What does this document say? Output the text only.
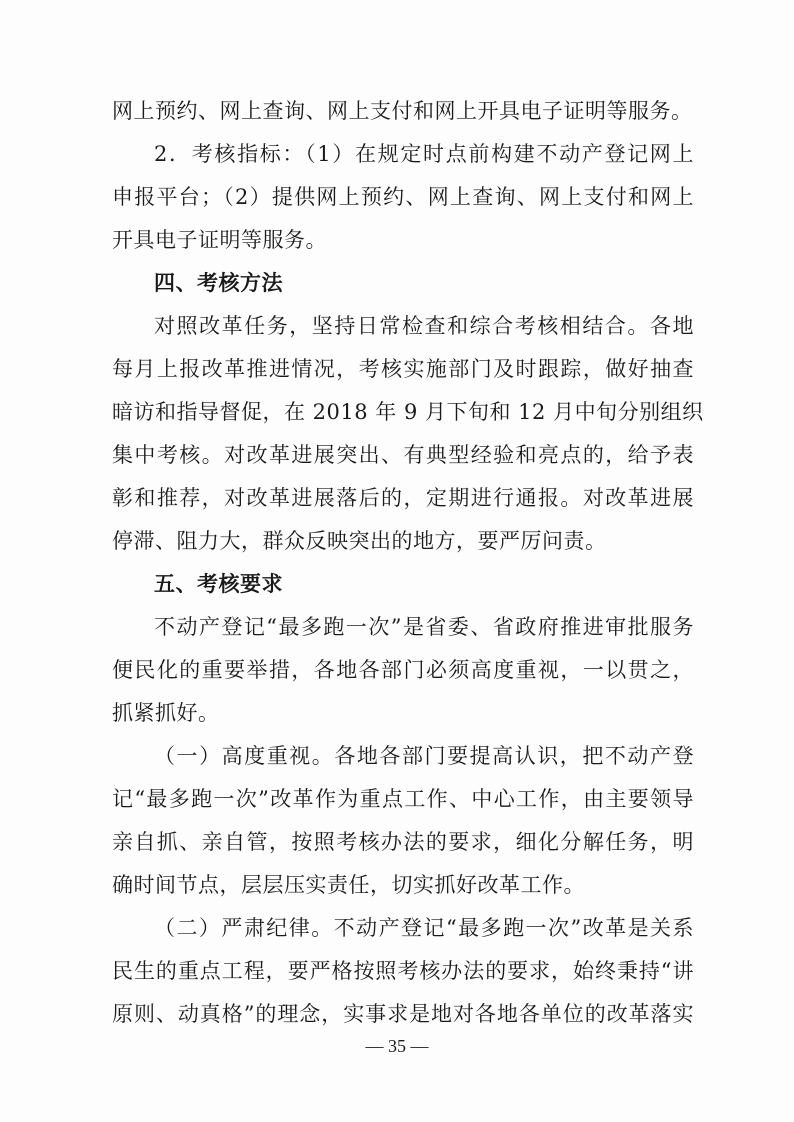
网上预约、网上查询、网上支付和网上开具电子证明等服务。
2．考核指标：（1）在规定时点前构建不动产登记网上
申报平台；（2）提供网上预约、网上查询、网上支付和网上
开具电子证明等服务。
四、考核方法
对照改革任务，坚持日常检查和综合考核相结合。各地
每月上报改革推进情况，考核实施部门及时跟踪，做好抽查
暗访和指导督促，在 2018 年 9 月下旬和 12 月中旬分别组织
集中考核。对改革进展突出、有典型经验和亮点的，给予表
彰和推荐，对改革进展落后的，定期进行通报。对改革进展
停滞、阻力大，群众反映突出的地方，要严厉问责。
五、考核要求
不动产登记“最多跑一次”是省委、省政府推进审批服务
便民化的重要举措，各地各部门必须高度重视，一以贯之，
抓紧抓好。
（一）高度重视。各地各部门要提高认识，把不动产登
记“最多跑一次”改革作为重点工作、中心工作，由主要领导
亲自抓、亲自管，按照考核办法的要求，细化分解任务，明
确时间节点，层层压实责任，切实抓好改革工作。
（二）严肃纪律。不动产登记“最多跑一次”改革是关系
民生的重点工程，要严格按照考核办法的要求，始终秉持“讲
原则、动真格”的理念，实事求是地对各地各单位的改革落实
— 35 —
